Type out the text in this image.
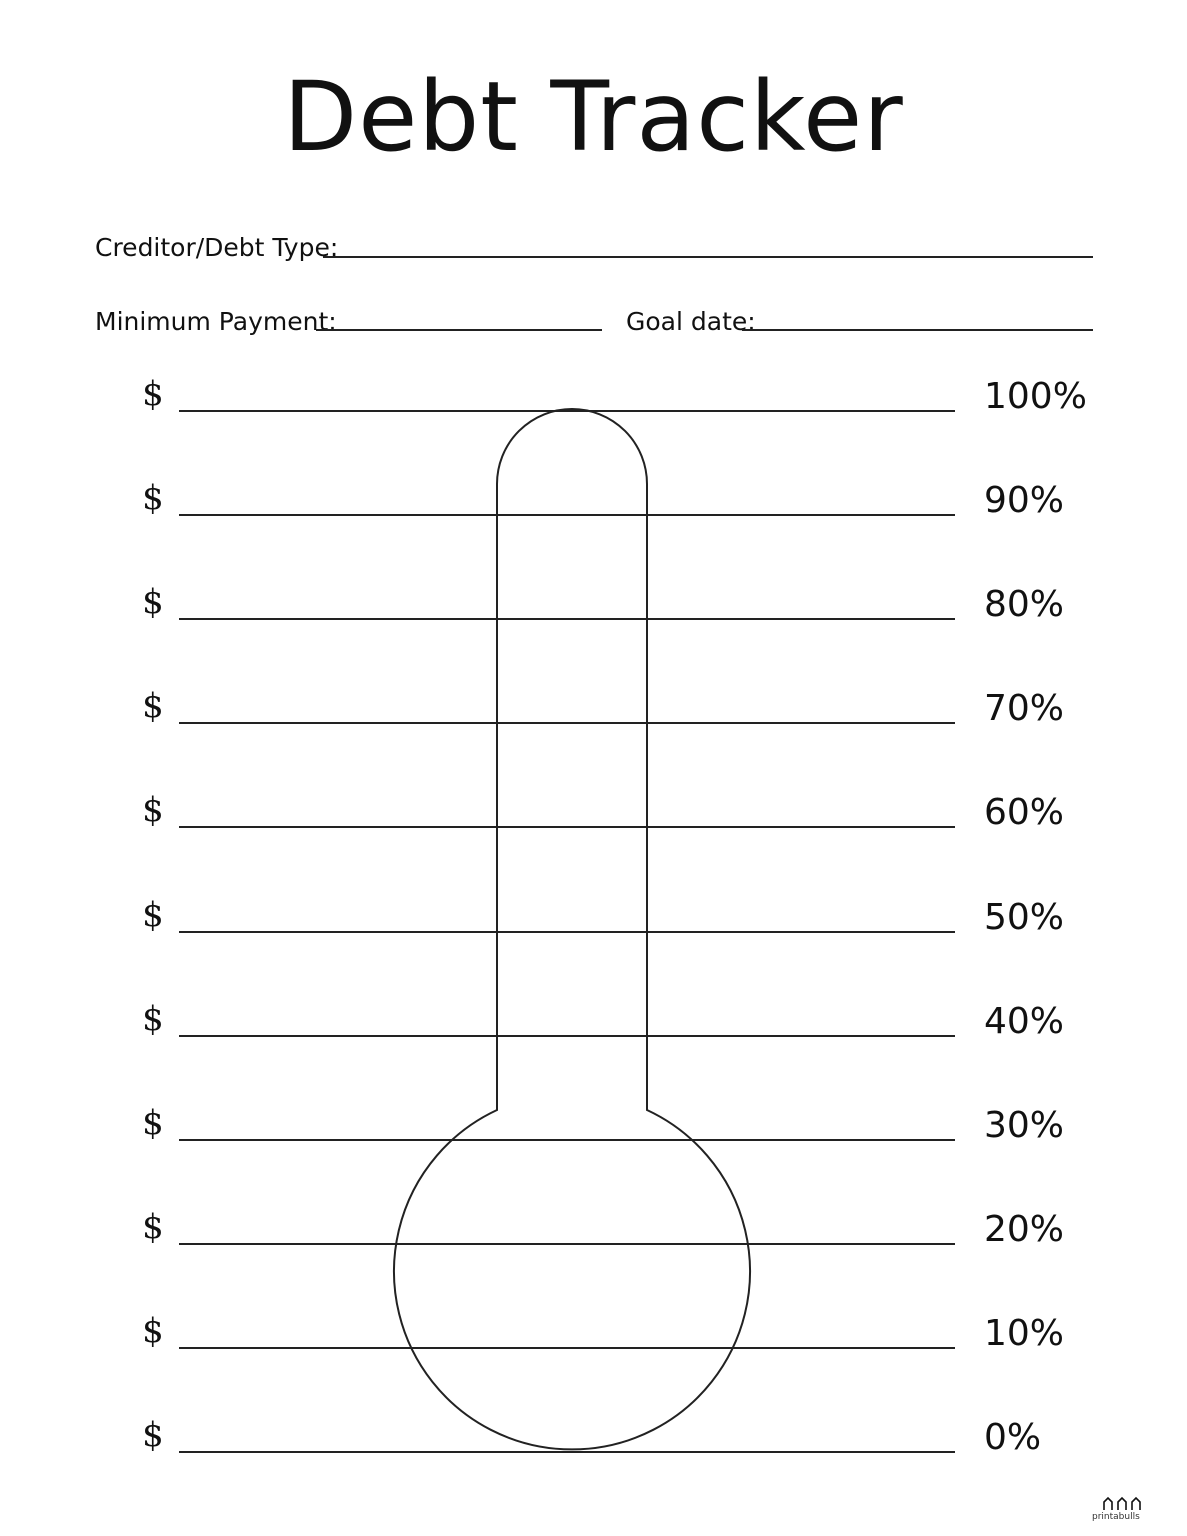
Debt Tracker
Creditor/Debt Type:
Minimum Payment:	Goal date:
$	100%
$	90%
$	80%
$	70%
$	60%
$	50%
$	40%
$	30%
$	20%
$	10%
$	0%
printabulls
